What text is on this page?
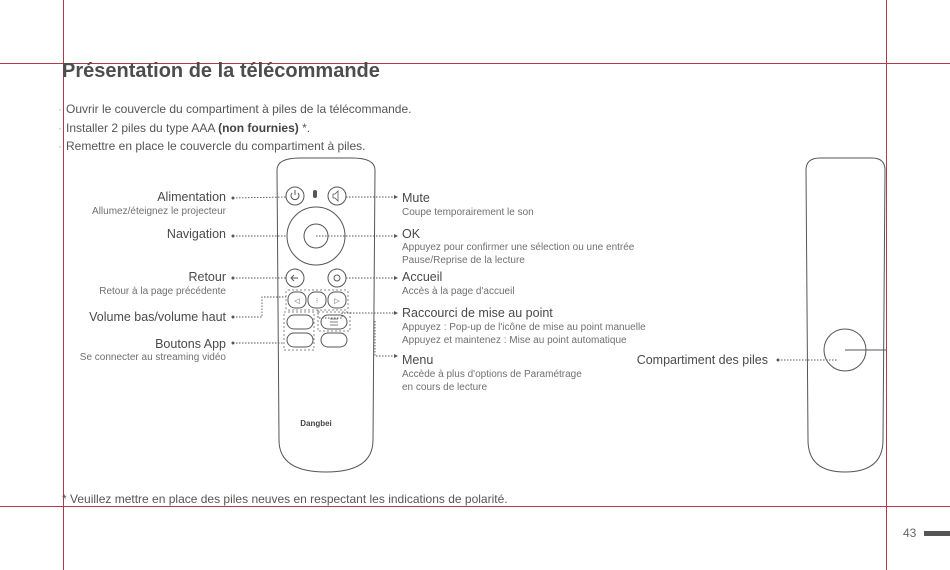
Présentation de la télécommande
· Ouvrir le couvercle du compartiment à piles de la télécommande.
· Installer 2 piles du type AAA (non fournies) *.
· Remettre en place le couvercle du compartiment à piles.
◁ ⁝ ▷
Dangbei
Alimentation
Allumez/éteignez le projecteur
Navigation
Retour
Retour à la page précédente
Volume bas/volume haut
Boutons App
Se connecter au streaming vidéo
Mute
Coupe temporairement le son
OK
Appuyez pour confirmer une sélection ou une entrée
Pause/Reprise de la lecture
Accueil
Accès à la page d'accueil
Raccourci de mise au point
Appuyez : Pop-up de l'icône de mise au point manuelle
Appuyez et maintenez : Mise au point automatique
Menu
Accède à plus d'options de Paramétrage
en cours de lecture
Compartiment des piles
* Veuillez mettre en place des piles neuves en respectant les indications de polarité.
43
